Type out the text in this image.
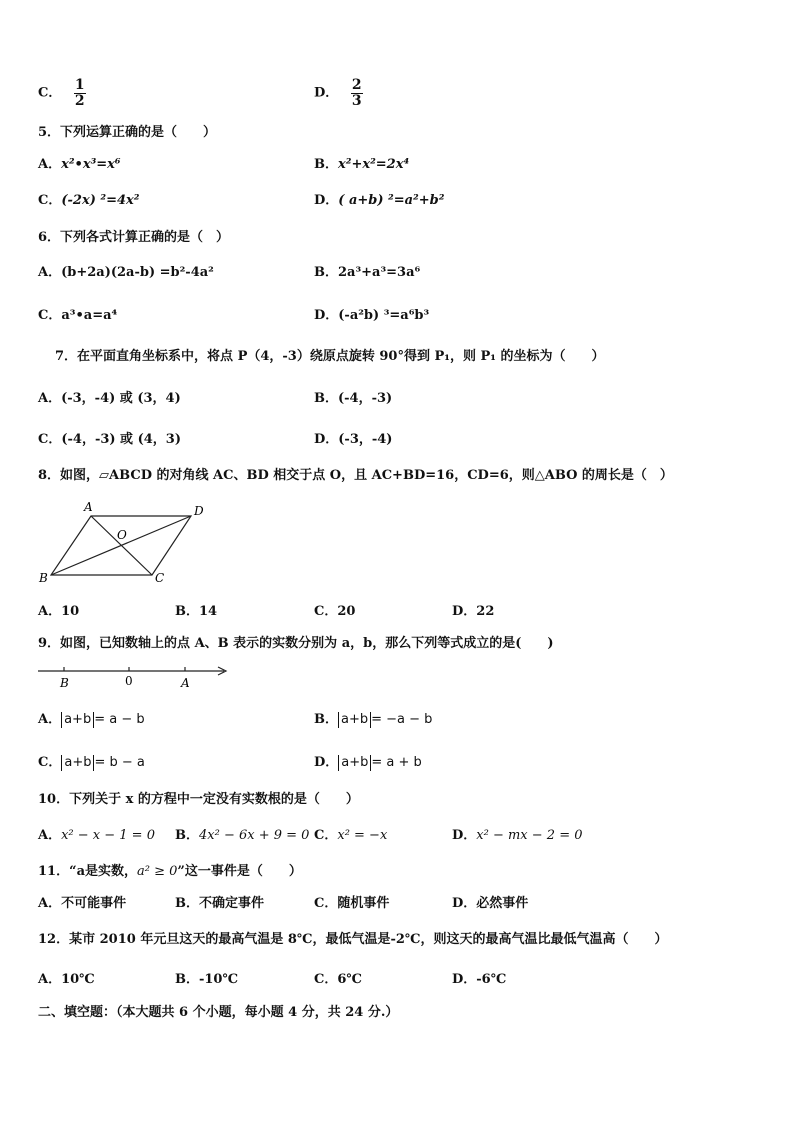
C． $\frac{1}{2}$	D． $\frac{2}{3}$
5．下列运算正确的是（　　）
A．x²•x³=x⁶	B．x²+x²=2x⁴
C．(-2x) ²=4x²	D．( a+b) ²=a²+b²
6．下列各式计算正确的是（　）
A．(b+2a)(2a-b) =b²-4a²	B．2a³+a³=3a⁶
C．a³•a=a⁴	D．(-a²b) ³=a⁶b³
7．在平面直角坐标系中，将点 P（4，-3）绕原点旋转 90°得到 P₁，则 P₁ 的坐标为（　　）
A．(-3，-4) 或 (3，4)	B．(-4，-3)
C．(-4，-3) 或 (4，3)	D．(-3，-4)
8．如图，▱ABCD 的对角线 AC、BD 相交于点 O，且 AC+BD=16，CD=6，则△ABO 的周长是（　）
A	D
B	C
O
A．10	B．14	C．20	D．22
9．如图，已知数轴上的点 A、B 表示的实数分别为 a，b，那么下列等式成立的是(　　)
B	0	A
A． a+b = a − b	B． a+b = −a − b
C． a+b = b − a	D． a+b = a + b
10．下列关于 x 的方程中一定没有实数根的是（　　）
A．x² − x − 1 = 0 B．4x² − 6x + 9 = 0 C．x² = −x	D．x² − mx − 2 = 0
11．“a是实数，a² ≥ 0”这一事件是（　　）
A．不可能事件	B．不确定事件	C．随机事件	D．必然事件
12．某市 2010 年元旦这天的最高气温是 8℃，最低气温是-2℃，则这天的最高气温比最低气温高（　　）
A．10℃	B．-10℃	C．6℃	D．-6℃
二、填空题：（本大题共 6 个小题，每小题 4 分，共 24 分.）
